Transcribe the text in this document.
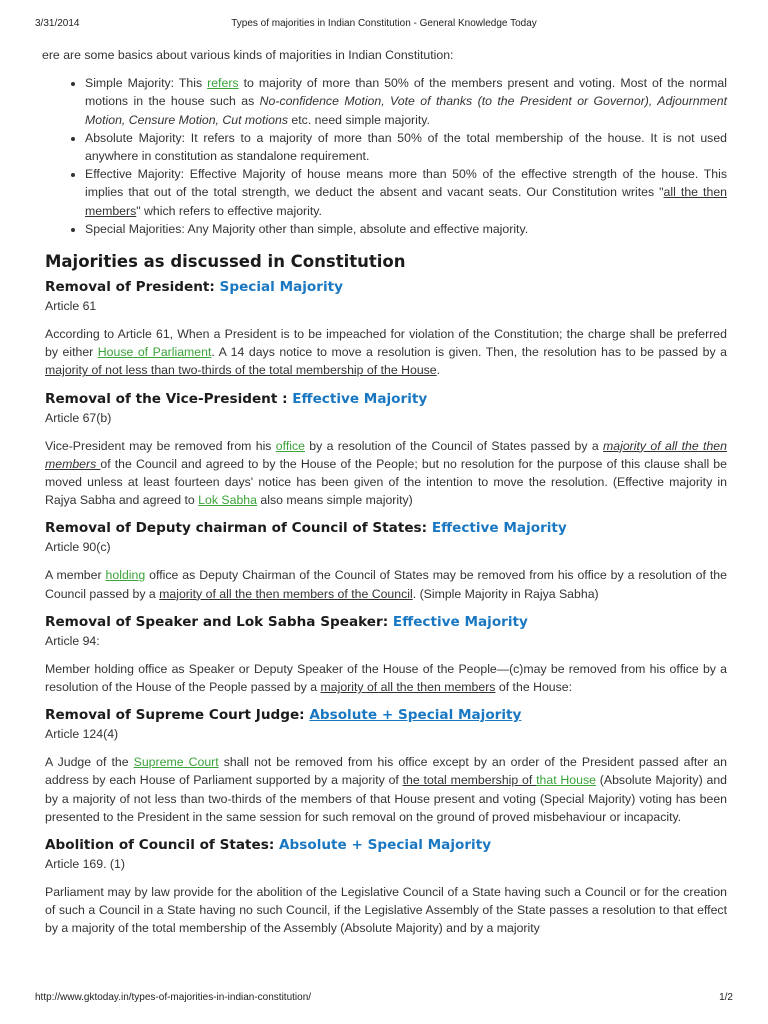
3/31/2014	Types of majorities in Indian Constitution - General Knowledge Today

ere are some basics about various kinds of majorities in Indian Constitution:

• Simple Majority: This refers to majority of more than 50% of the members present and voting. Most of the normal motions in the house such as No-confidence Motion, Vote of thanks (to the President or Governor), Adjournment Motion, Censure Motion, Cut motions etc. need simple majority.
• Absolute Majority: It refers to a majority of more than 50% of the total membership of the house. It is not used anywhere in constitution as standalone requirement.
• Effective Majority: Effective Majority of house means more than 50% of the effective strength of the house. This implies that out of the total strength, we deduct the absent and vacant seats. Our Constitution writes "all the then members" which refers to effective majority.
• Special Majorities: Any Majority other than simple, absolute and effective majority.
Majorities as discussed in Constitution
Removal of President: Special Majority

Article 61

According to Article 61, When a President is to be impeached for violation of the Constitution; the charge shall be preferred by either House of Parliament. A 14 days notice to move a resolution is given. Then, the resolution has to be passed by a majority of not less than two-thirds of the total membership of the House.

Removal of the Vice-President : Effective Majority

Article 67(b)

Vice-President may be removed from his office by a resolution of the Council of States passed by a majority of all the then members of the Council and agreed to by the House of the People; but no resolution for the purpose of this clause shall be moved unless at least fourteen days' notice has been given of the intention to move the resolution. (Effective majority in Rajya Sabha and agreed to Lok Sabha also means simple majority)

Removal of Deputy chairman of Council of States: Effective Majority

Article 90(c)

A member holding office as Deputy Chairman of the Council of States may be removed from his office by a resolution of the Council passed by a majority of all the then members of the Council. (Simple Majority in Rajya Sabha)

Removal of Speaker and Lok Sabha Speaker: Effective Majority

Article 94:

Member holding office as Speaker or Deputy Speaker of the House of the People—(c)may be removed from his office by a resolution of the House of the People passed by a majority of all the then members of the House:

Removal of Supreme Court Judge: Absolute + Special Majority

Article 124(4)

A Judge of the Supreme Court shall not be removed from his office except by an order of the President passed after an address by each House of Parliament supported by a majority of the total membership of that House (Absolute Majority) and by a majority of not less than two-thirds of the members of that House present and voting (Special Majority) voting has been presented to the President in the same session for such removal on the ground of proved misbehaviour or incapacity.

Abolition of Council of States: Absolute + Special Majority

Article 169. (1)

Parliament may by law provide for the abolition of the Legislative Council of a State having such a Council or for the creation of such a Council in a State having no such Council, if the Legislative Assembly of the State passes a resolution to that effect by a majority of the total membership of the Assembly (Absolute Majority) and by a majority

http://www.gktoday.in/types-of-majorities-in-indian-constitution/	1/2
